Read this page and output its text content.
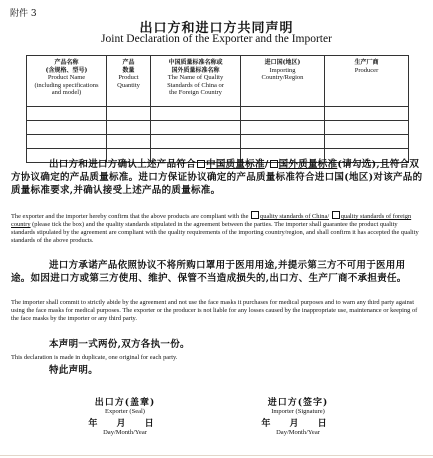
附件 3
出口方和进口方共同声明
Joint Declaration of the Exporter and the Importer
产品名称
(含规格、型号)
Product Name
(including specifications
and model)	产品
数量
Product
Quantity	中国质量标准名称或
国外质量标准名称
The Name of Quality
Standards of China or
the Foreign Country	进口国(地区)
Importing
Country/Region	生产厂商
Producer

出口方和进口方确认上述产品符合 中国质量标准/ 国外质量标准(请勾选),且符合双方协议确定的产品质量标准。进口方保证协议确定的产品质量标准符合进口国(地区)对该产品的质量标准要求,并确认接受上述产品的质量标准。
The exporter and the importer hereby confirm that the above products are compliant with the quality standards of China/ quality standards of foreign country (please tick the box) and the quality standards stipulated in the agreement between the parties. The importer shall guarantee the product quality standards stipulated by the agreement are compliant with the quality requirements of the importing country/region, and shall confirm it has accepted the quality standards of the above products.
进口方承诺产品依照协议不将所购口罩用于医用用途,并提示第三方不可用于医用用途。如因进口方或第三方使用、维护、保管不当造成损失的,出口方、生产厂商不承担责任。
The importer shall commit to strictly abide by the agreement and not use the face masks it purchases for medical purposes and to warn any third party against using the face masks for medical purposes. The exporter or the producer is not liable for any losses caused by the inappropriate use, maintenance or keeping of the face masks by the importer or any third party.
本声明一式两份,双方各执一份。
This declaration is made in duplicate, one original for each party.
特此声明。
出口方(盖章)
Exporter (Seal)
年 月 日
Day/Month/Year
进口方(签字)
Importer (Signature)
年 月 日
Day/Month/Year
